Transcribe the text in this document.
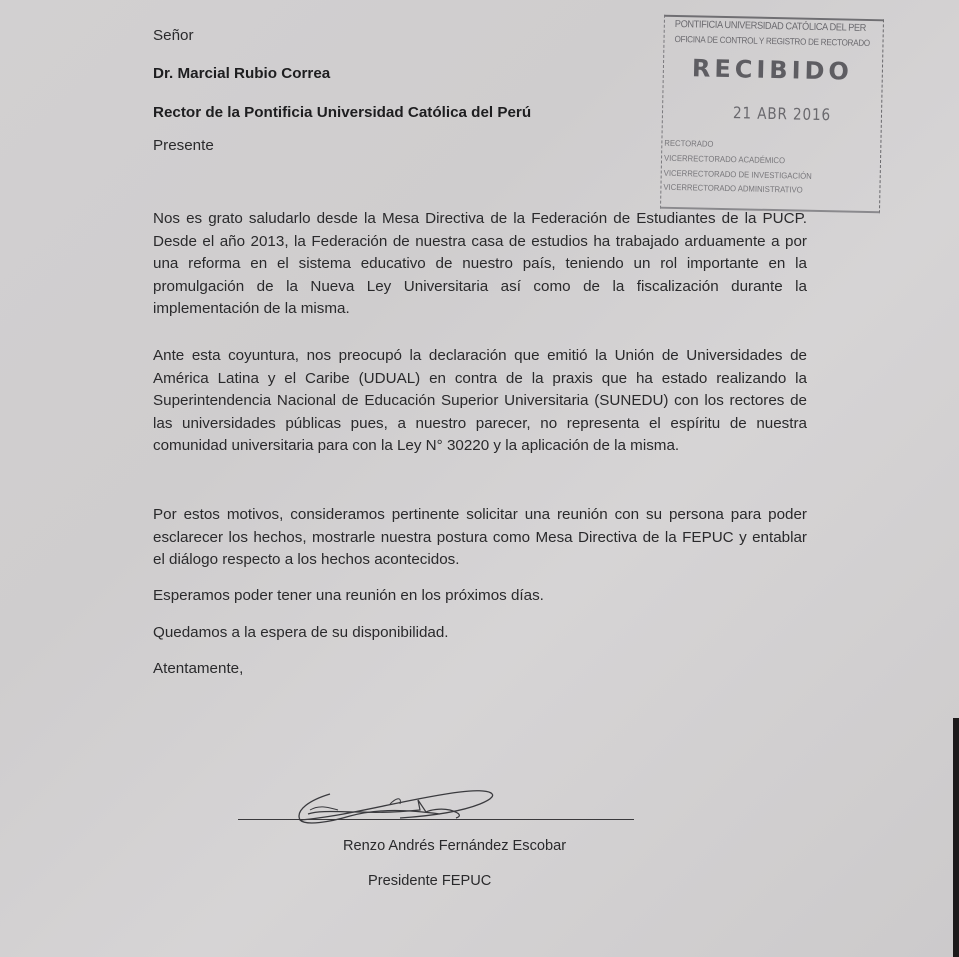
Señor
Dr. Marcial Rubio Correa
Rector de la Pontificia Universidad Católica del Perú
Presente
PONTIFICIA UNIVERSIDAD CATÓLICA DEL PER
OFICINA DE CONTROL Y REGISTRO DE RECTORADO
RECIBIDO
21 ABR 2016
RECTORADO
VICERRECTORADO ACADÉMICO
VICERRECTORADO DE INVESTIGACIÓN
VICERRECTORADO ADMINISTRATIVO
Nos es grato saludarlo desde la Mesa Directiva de la Federación de Estudiantes de la PUCP. Desde el año 2013, la Federación de nuestra casa de estudios ha trabajado arduamente a por una reforma en el sistema educativo de nuestro país, teniendo un rol importante en la promulgación de la Nueva Ley Universitaria así como de la fiscalización durante la implementación de la misma.
Ante esta coyuntura, nos preocupó la declaración que emitió la Unión de Universidades de América Latina y el Caribe (UDUAL) en contra de la praxis que ha estado realizando la Superintendencia Nacional de Educación Superior Universitaria (SUNEDU) con los rectores de las universidades públicas pues, a nuestro parecer, no representa el espíritu de nuestra comunidad universitaria para con la Ley N° 30220 y la aplicación de la misma.
Por estos motivos, consideramos pertinente solicitar una reunión con su persona para poder esclarecer los hechos, mostrarle nuestra postura como Mesa Directiva de la FEPUC y entablar el diálogo respecto a los hechos acontecidos.
Esperamos poder tener una reunión en los próximos días.
Quedamos a la espera de su disponibilidad.
Atentamente,
Renzo Andrés Fernández Escobar
Presidente FEPUC
